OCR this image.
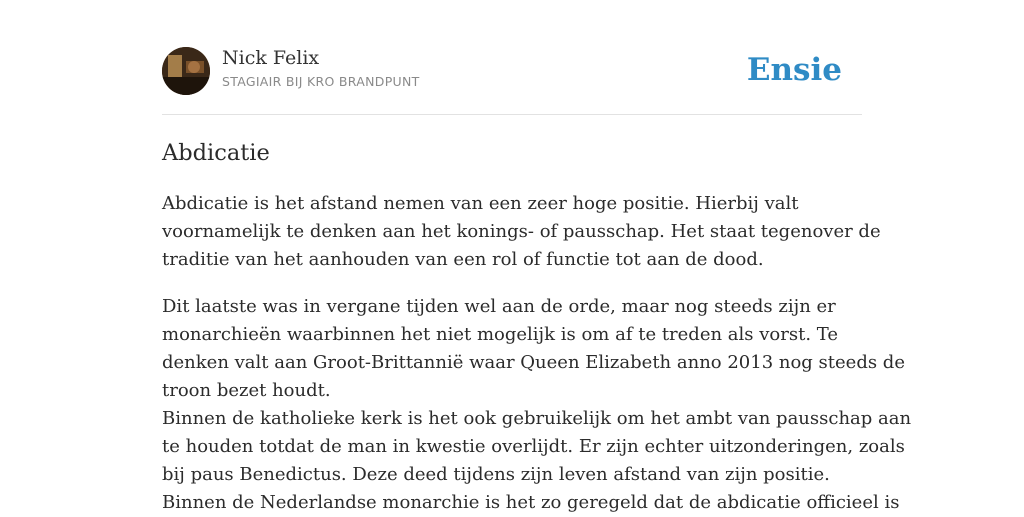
Nick Felix
STAGIAIR BIJ KRO BRANDPUNT	Ensie
Abdicatie

Abdicatie is het afstand nemen van een zeer hoge positie. Hierbij valt
voornamelijk te denken aan het konings- of pausschap. Het staat tegenover de
traditie van het aanhouden van een rol of functie tot aan de dood.

Dit laatste was in vergane tijden wel aan de orde, maar nog steeds zijn er
monarchieën waarbinnen het niet mogelijk is om af te treden als vorst. Te
denken valt aan Groot-Brittannië waar Queen Elizabeth anno 2013 nog steeds de
troon bezet houdt.
Binnen de katholieke kerk is het ook gebruikelijk om het ambt van pausschap aan
te houden totdat de man in kwestie overlijdt. Er zijn echter uitzonderingen, zoals
bij paus Benedictus. Deze deed tijdens zijn leven afstand van zijn positie.
Binnen de Nederlandse monarchie is het zo geregeld dat de abdicatie officieel is
